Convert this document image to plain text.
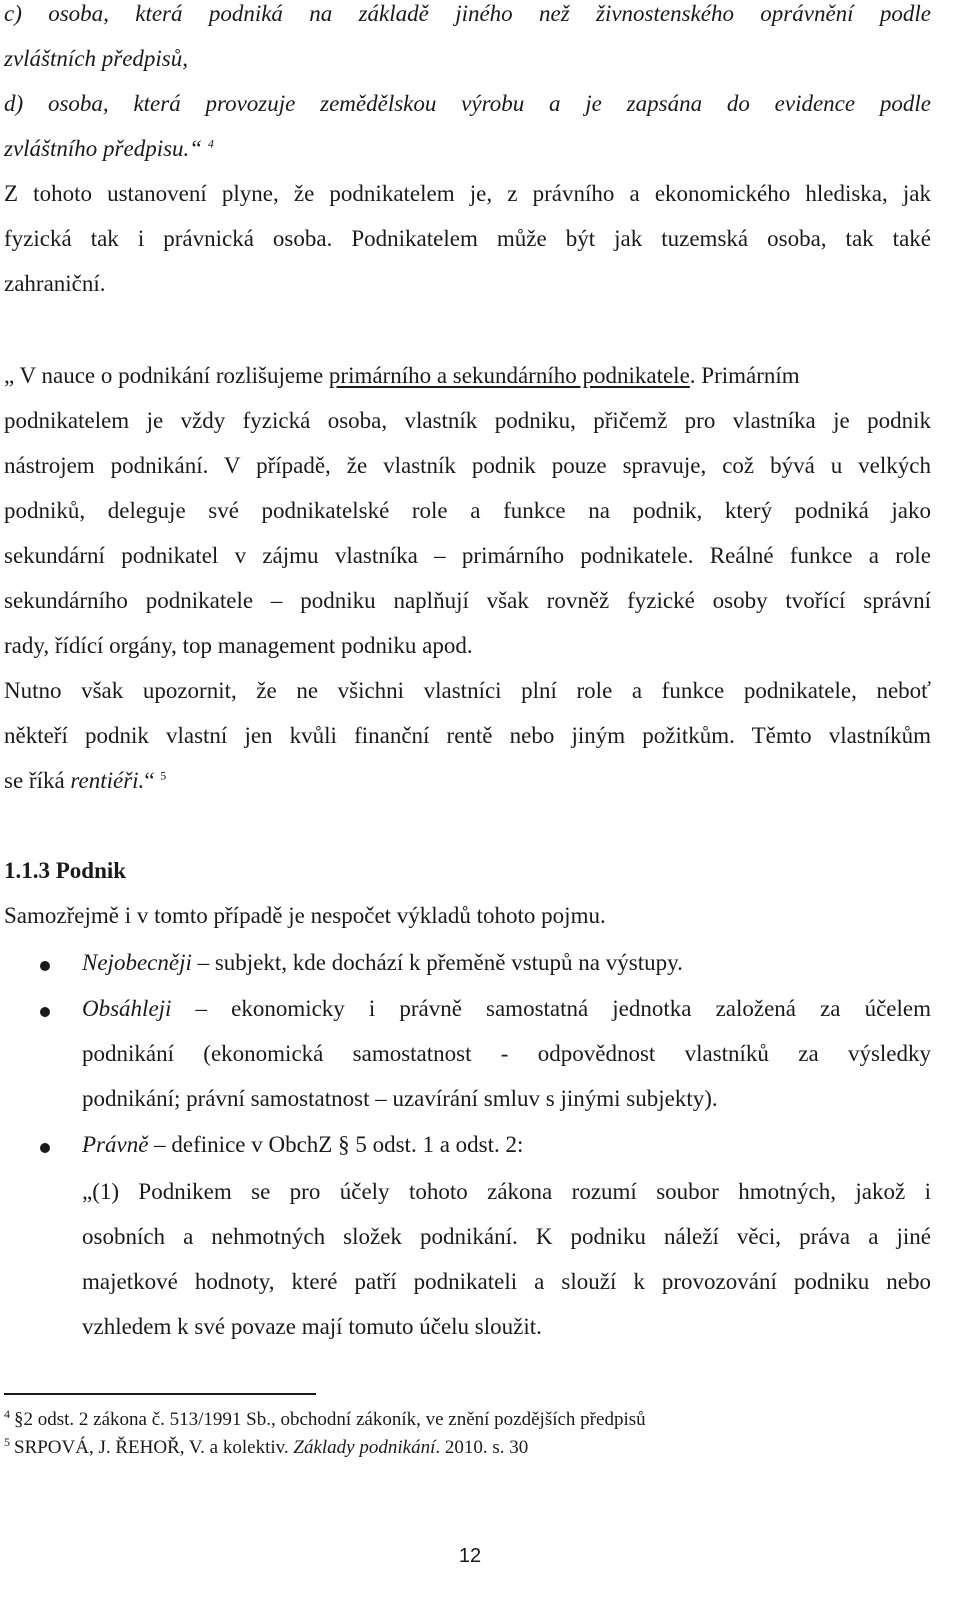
c) osoba, která podniká na základě jiného než živnostenského oprávnění podle
zvláštních předpisů,
d) osoba, která provozuje zemědělskou výrobu a je zapsána do evidence podle
zvláštního předpisu.“ $^4$
Z tohoto ustanovení plyne, že podnikatelem je, z právního a ekonomického hlediska, jak
fyzická tak i právnická osoba. Podnikatelem může být jak tuzemská osoba, tak také
zahraniční.
„ V nauce o podnikání rozlišujeme primárního a sekundárního podnikatele. Primárním
podnikatelem je vždy fyzická osoba, vlastník podniku, přičemž pro vlastníka je podnik
nástrojem podnikání. V případě, že vlastník podnik pouze spravuje, což bývá u velkých
podniků, deleguje své podnikatelské role a funkce na podnik, který podniká jako
sekundární podnikatel v zájmu vlastníka – primárního podnikatele. Reálné funkce a role
sekundárního podnikatele – podniku naplňují však rovněž fyzické osoby tvořící správní
rady, řídící orgány, top management podniku apod.
Nutno však upozornit, že ne všichni vlastníci plní role a funkce podnikatele, neboť
někteří podnik vlastní jen kvůli finanční rentě nebo jiným požitkům. Těmto vlastníkům
se říká rentiéři.“ $^5$
1.1.3 Podnik
Samozřejmě i v tomto případě je nespočet výkladů tohoto pojmu.
Nejobecněji – subjekt, kde dochází k přeměně vstupů na výstupy.
Obsáhleji – ekonomicky i právně samostatná jednotka založená za účelem
podnikání (ekonomická samostatnost - odpovědnost vlastníků za výsledky
podnikání; právní samostatnost – uzavírání smluv s jinými subjekty).
Právně – definice v ObchZ § 5 odst. 1 a odst. 2:
„(1) Podnikem se pro účely tohoto zákona rozumí soubor hmotných, jakož i
osobních a nehmotných složek podnikání. K podniku náleží věci, práva a jiné
majetkové hodnoty, které patří podnikateli a slouží k provozování podniku nebo
vzhledem k své povaze mají tomuto účelu sloužit.
$^4$ §2 odst. 2 zákona č. 513/1991 Sb., obchodní zákoník, ve znění pozdějších předpisů
$^5$ SRPOVÁ, J. ŘEHOŘ, V. a kolektiv. Základy podnikání. 2010. s. 30
12
